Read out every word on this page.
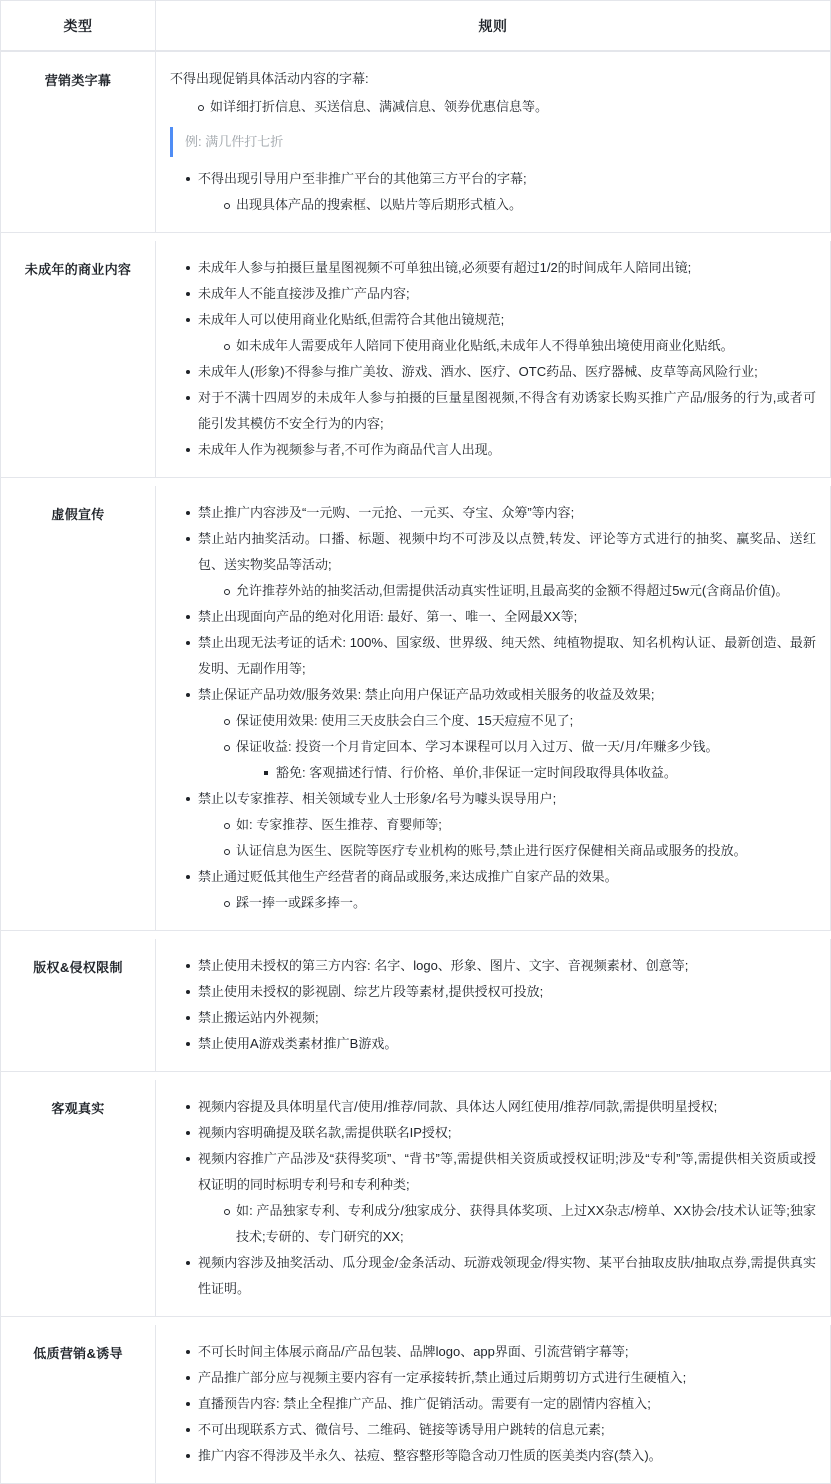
类型	规则
营销类字幕	不得出现促销具体活动内容的字幕:
如详细打折信息、买送信息、满减信息、领券优惠信息等。
例: 满几件打七折
不得出现引导用户至非推广平台的其他第三方平台的字幕;
出现具体产品的搜索框、以贴片等后期形式植入。

未成年的商业内容	未成年人参与拍摄巨量星图视频不可单独出镜,必须要有超过1/2的时间成年人陪同出镜;
未成年人不能直接涉及推广产品内容;
未成年人可以使用商业化贴纸,但需符合其他出镜规范;
如未成年人需要成年人陪同下使用商业化贴纸,未成年人不得单独出境使用商业化贴纸。
未成年人(形象)不得参与推广美妆、游戏、酒水、医疗、OTC药品、医疗器械、皮草等高风险行业;
对于不满十四周岁的未成年人参与拍摄的巨量星图视频,不得含有劝诱家长购买推广产品/服务的行为,或者可能引发其模仿不安全行为的内容;
未成年人作为视频参与者,不可作为商品代言人出现。

虚假宣传	禁止推广内容涉及“一元购、一元抢、一元买、夺宝、众筹”等内容;
禁止站内抽奖活动。口播、标题、视频中均不可涉及以点赞,转发、评论等方式进行的抽奖、赢奖品、送红包、送实物奖品等活动;
允许推荐外站的抽奖活动,但需提供活动真实性证明,且最高奖的金额不得超过5w元(含商品价值)。
禁止出现面向产品的绝对化用语: 最好、第一、唯一、全网最XX等;
禁止出现无法考证的话术: 100%、国家级、世界级、纯天然、纯植物提取、知名机构认证、最新创造、最新发明、无副作用等;
禁止保证产品功效/服务效果: 禁止向用户保证产品功效或相关服务的收益及效果;
保证使用效果: 使用三天皮肤会白三个度、15天痘痘不见了;
保证收益: 投资一个月肯定回本、学习本课程可以月入过万、做一天/月/年赚多少钱。
豁免: 客观描述行情、行价格、单价,非保证一定时间段取得具体收益。
禁止以专家推荐、相关领域专业人士形象/名号为噱头误导用户;
如: 专家推荐、医生推荐、育婴师等;
认证信息为医生、医院等医疗专业机构的账号,禁止进行医疗保健相关商品或服务的投放。
禁止通过贬低其他生产经营者的商品或服务,来达成推广自家产品的效果。
踩一捧一或踩多捧一。

版权&侵权限制	禁止使用未授权的第三方内容: 名字、logo、形象、图片、文字、音视频素材、创意等;
禁止使用未授权的影视剧、综艺片段等素材,提供授权可投放;
禁止搬运站内外视频;
禁止使用A游戏类素材推广B游戏。

客观真实	视频内容提及具体明星代言/使用/推荐/同款、具体达人网红使用/推荐/同款,需提供明星授权;
视频内容明确提及联名款,需提供联名IP授权;
视频内容推广产品涉及“获得奖项”、“背书”等,需提供相关资质或授权证明;涉及“专利”等,需提供相关资质或授权证明的同时标明专利号和专利种类;
如: 产品独家专利、专利成分/独家成分、获得具体奖项、上过XX杂志/榜单、XX协会/技术认证等;独家技术;专研的、专门研究的XX;
视频内容涉及抽奖活动、瓜分现金/金条活动、玩游戏领现金/得实物、某平台抽取皮肤/抽取点券,需提供真实性证明。

低质营销&诱导	不可长时间主体展示商品/产品包装、品牌logo、app界面、引流营销字幕等;
产品推广部分应与视频主要内容有一定承接转折,禁止通过后期剪切方式进行生硬植入;
直播预告内容: 禁止全程推广产品、推广促销活动。需要有一定的剧情内容植入;
不可出现联系方式、微信号、二维码、链接等诱导用户跳转的信息元素;
推广内容不得涉及半永久、祛痘、整容整形等隐含动刀性质的医美类内容(禁入)。
